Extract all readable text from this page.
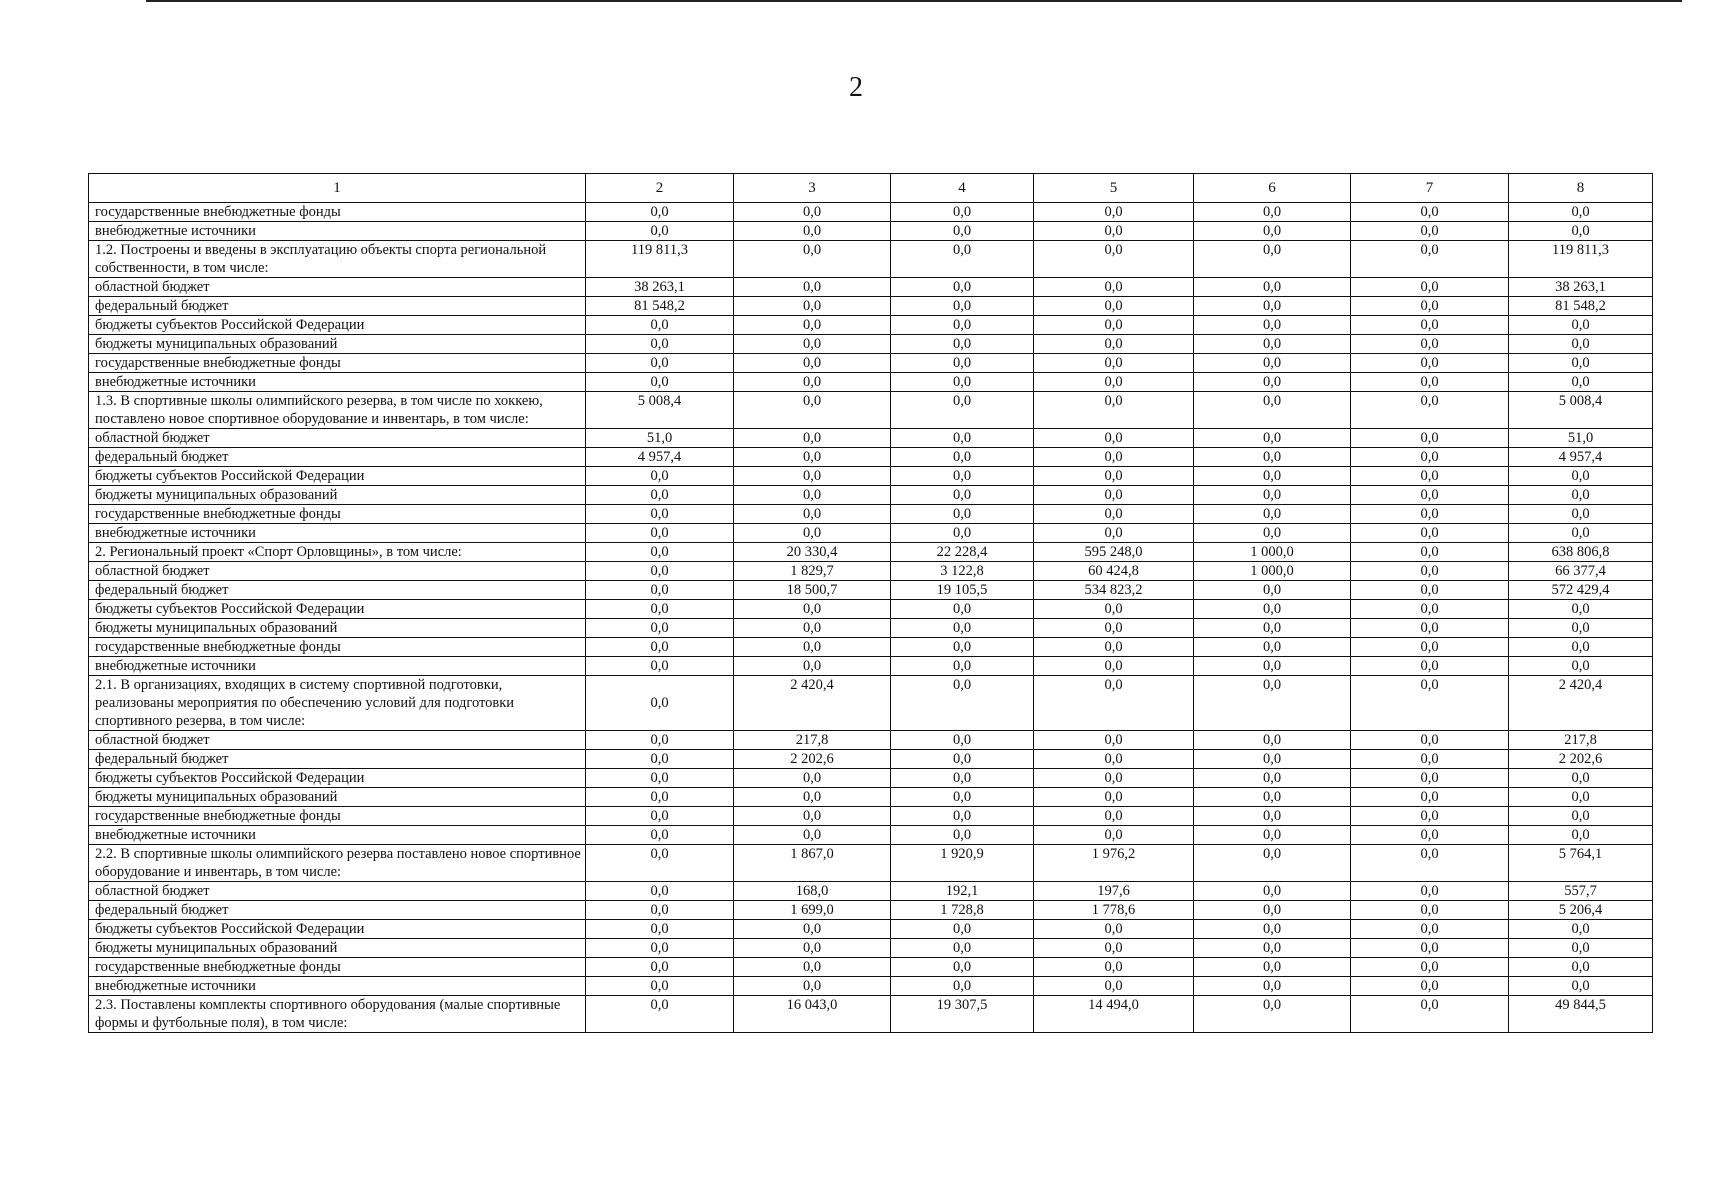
2
1	2	3	4	5	6	7	8
государственные внебюджетные фонды	0,0	0,0	0,0	0,0	0,0	0,0	0,0
внебюджетные источники	0,0	0,0	0,0	0,0	0,0	0,0	0,0
1.2. Построены и введены в эксплуатацию объекты спорта региональной собственности, в том числе:	119 811,3	0,0	0,0	0,0	0,0	0,0	119 811,3
областной бюджет	38 263,1	0,0	0,0	0,0	0,0	0,0	38 263,1
федеральный бюджет	81 548,2	0,0	0,0	0,0	0,0	0,0	81 548,2
бюджеты субъектов Российской Федерации	0,0	0,0	0,0	0,0	0,0	0,0	0,0
бюджеты муниципальных образований	0,0	0,0	0,0	0,0	0,0	0,0	0,0
государственные внебюджетные фонды	0,0	0,0	0,0	0,0	0,0	0,0	0,0
внебюджетные источники	0,0	0,0	0,0	0,0	0,0	0,0	0,0
1.3. В спортивные школы олимпийского резерва, в том числе по хоккею, поставлено новое спортивное оборудование и инвентарь, в том числе:	5 008,4	0,0	0,0	0,0	0,0	0,0	5 008,4
областной бюджет	51,0	0,0	0,0	0,0	0,0	0,0	51,0
федеральный бюджет	4 957,4	0,0	0,0	0,0	0,0	0,0	4 957,4
бюджеты субъектов Российской Федерации	0,0	0,0	0,0	0,0	0,0	0,0	0,0
бюджеты муниципальных образований	0,0	0,0	0,0	0,0	0,0	0,0	0,0
государственные внебюджетные фонды	0,0	0,0	0,0	0,0	0,0	0,0	0,0
внебюджетные источники	0,0	0,0	0,0	0,0	0,0	0,0	0,0
2. Региональный проект «Спорт Орловщины», в том числе:	0,0	20 330,4	22 228,4	595 248,0	1 000,0	0,0	638 806,8
областной бюджет	0,0	1 829,7	3 122,8	60 424,8	1 000,0	0,0	66 377,4
федеральный бюджет	0,0	18 500,7	19 105,5	534 823,2	0,0	0,0	572 429,4
бюджеты субъектов Российской Федерации	0,0	0,0	0,0	0,0	0,0	0,0	0,0
бюджеты муниципальных образований	0,0	0,0	0,0	0,0	0,0	0,0	0,0
государственные внебюджетные фонды	0,0	0,0	0,0	0,0	0,0	0,0	0,0
внебюджетные источники	0,0	0,0	0,0	0,0	0,0	0,0	0,0
2.1. В организациях, входящих в систему спортивной подготовки, реализованы мероприятия по обеспечению условий для подготовки спортивного резерва, в том числе:	0,0	2 420,4	0,0	0,0	0,0	0,0	2 420,4
областной бюджет	0,0	217,8	0,0	0,0	0,0	0,0	217,8
федеральный бюджет	0,0	2 202,6	0,0	0,0	0,0	0,0	2 202,6
бюджеты субъектов Российской Федерации	0,0	0,0	0,0	0,0	0,0	0,0	0,0
бюджеты муниципальных образований	0,0	0,0	0,0	0,0	0,0	0,0	0,0
государственные внебюджетные фонды	0,0	0,0	0,0	0,0	0,0	0,0	0,0
внебюджетные источники	0,0	0,0	0,0	0,0	0,0	0,0	0,0
2.2. В спортивные школы олимпийского резерва поставлено новое спортивное оборудование и инвентарь, в том числе:	0,0	1 867,0	1 920,9	1 976,2	0,0	0,0	5 764,1
областной бюджет	0,0	168,0	192,1	197,6	0,0	0,0	557,7
федеральный бюджет	0,0	1 699,0	1 728,8	1 778,6	0,0	0,0	5 206,4
бюджеты субъектов Российской Федерации	0,0	0,0	0,0	0,0	0,0	0,0	0,0
бюджеты муниципальных образований	0,0	0,0	0,0	0,0	0,0	0,0	0,0
государственные внебюджетные фонды	0,0	0,0	0,0	0,0	0,0	0,0	0,0
внебюджетные источники	0,0	0,0	0,0	0,0	0,0	0,0	0,0
2.3. Поставлены комплекты спортивного оборудования (малые спортивные формы и футбольные поля), в том числе:	0,0	16 043,0	19 307,5	14 494,0	0,0	0,0	49 844,5
